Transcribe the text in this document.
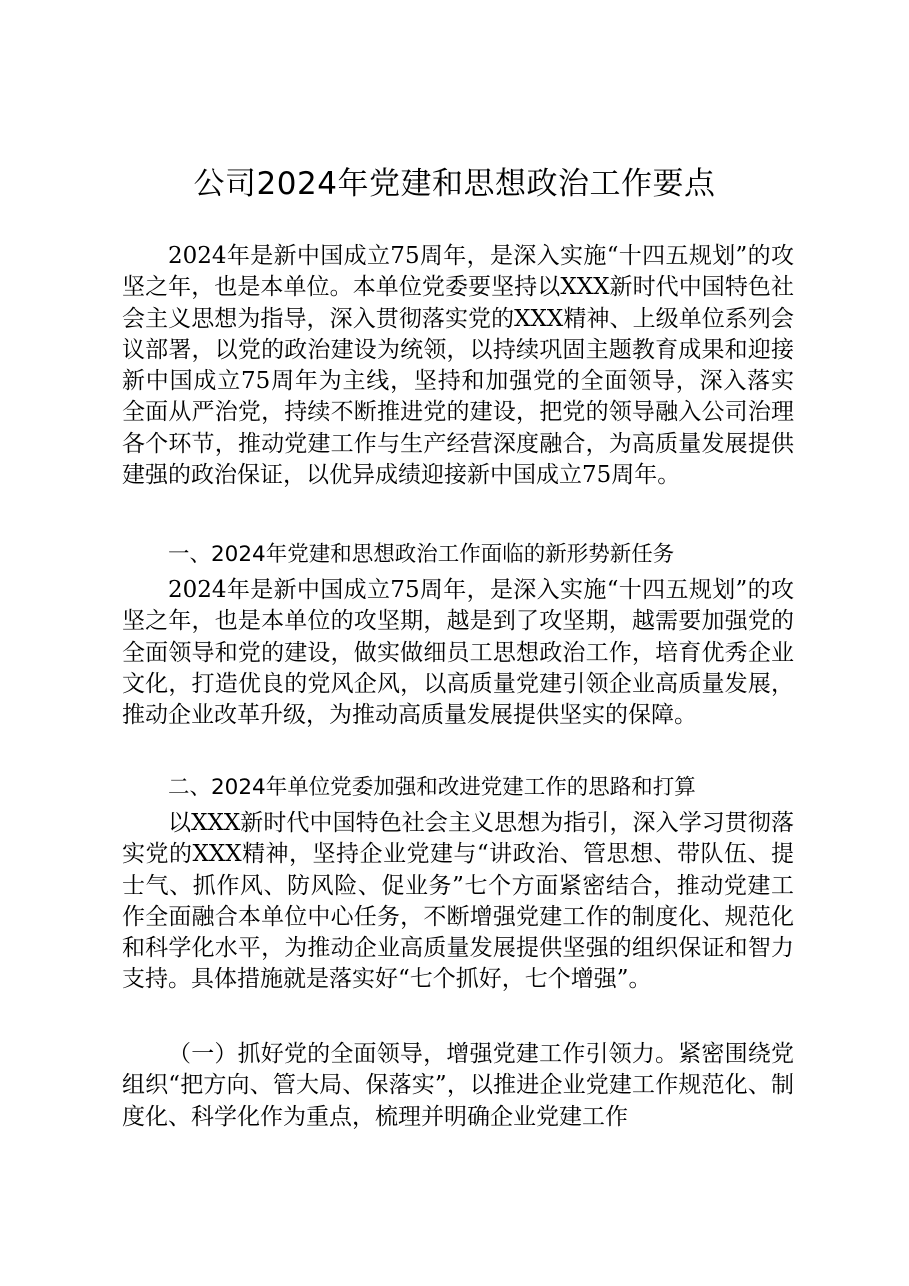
公司2024年党建和思想政治工作要点

2024年是新中国成立75周年，是深入实施“十四五规划”的攻坚之年，也是本单位。本单位党委要坚持以XXX新时代中国特色社会主义思想为指导，深入贯彻落实党的XXX精神、上级单位系列会议部署，以党的政治建设为统领，以持续巩固主题教育成果和迎接新中国成立75周年为主线，坚持和加强党的全面领导，深入落实全面从严治党，持续不断推进党的建设，把党的领导融入公司治理各个环节，推动党建工作与生产经营深度融合，为高质量发展提供建强的政治保证，以优异成绩迎接新中国成立75周年。

一、2024年党建和思想政治工作面临的新形势新任务

2024年是新中国成立75周年，是深入实施“十四五规划”的攻坚之年，也是本单位的攻坚期，越是到了攻坚期，越需要加强党的全面领导和党的建设，做实做细员工思想政治工作，培育优秀企业文化，打造优良的党风企风，以高质量党建引领企业高质量发展，推动企业改革升级，为推动高质量发展提供坚实的保障。

二、2024年单位党委加强和改进党建工作的思路和打算

以XXX新时代中国特色社会主义思想为指引，深入学习贯彻落实党的XXX精神，坚持企业党建与“讲政治、管思想、带队伍、提士气、抓作风、防风险、促业务”七个方面紧密结合，推动党建工作全面融合本单位中心任务，不断增强党建工作的制度化、规范化和科学化水平，为推动企业高质量发展提供坚强的组织保证和智力支持。具体措施就是落实好“七个抓好，七个增强”。

（一）抓好党的全面领导，增强党建工作引领力。紧密围绕党组织“把方向、管大局、保落实”，以推进企业党建工作规范化、制度化、科学化作为重点，梳理并明确企业党建工作
